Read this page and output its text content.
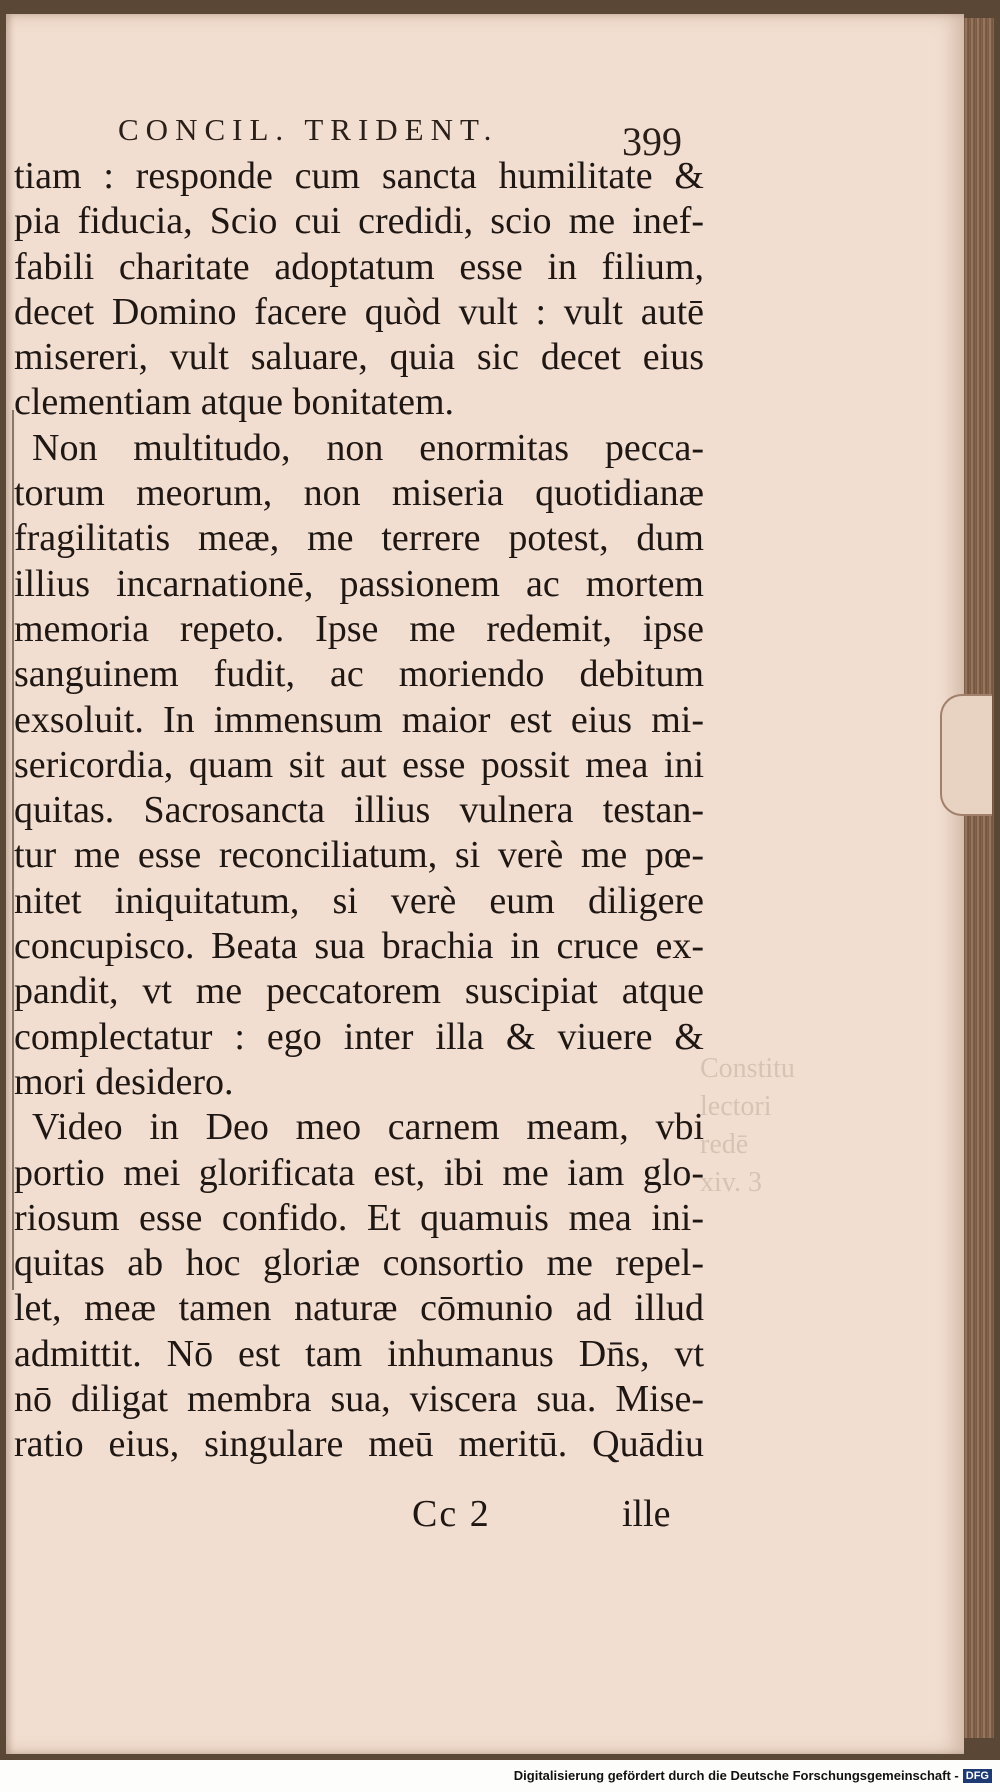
Constitu
lectori
redē
xiv. 3
CONCIL. TRIDENT.	399
tiam : responde cum sancta humilitate &
pia fiducia, Scio cui credidi, scio me inef-
fabili charitate adoptatum esse in filium,
decet Domino facere quòd vult : vult autē
misereri, vult saluare, quia sic decet eius
clementiam atque bonitatem.
Non multitudo, non enormitas pecca-
torum meorum, non miseria quotidianæ
fragilitatis meæ, me terrere potest, dum
illius incarnationē, passionem ac mortem
memoria repeto. Ipse me redemit, ipse
sanguinem fudit, ac moriendo debitum
exsoluit. In immensum maior est eius mi-
sericordia, quam sit aut esse possit mea ini
quitas. Sacrosancta illius vulnera testan-
tur me esse reconciliatum, si verè me pœ-
nitet iniquitatum, si verè eum diligere
concupisco. Beata sua brachia in cruce ex-
pandit, vt me peccatorem suscipiat atque
complectatur : ego inter illa & viuere &
mori desidero.
Video in Deo meo carnem meam, vbi
portio mei glorificata est, ibi me iam glo-
riosum esse confido. Et quamuis mea ini-
quitas ab hoc gloriæ consortio me repel-
let, meæ tamen naturæ cōmunio ad illud
admittit. Nō est tam inhumanus Dn̄s, vt
nō diligat membra sua, viscera sua. Mise-
ratio eius, singulare meū meritū. Quādiu
Cc 2	ille
Digitalisierung gefördert durch die Deutsche Forschungsgemeinschaft - DFG
